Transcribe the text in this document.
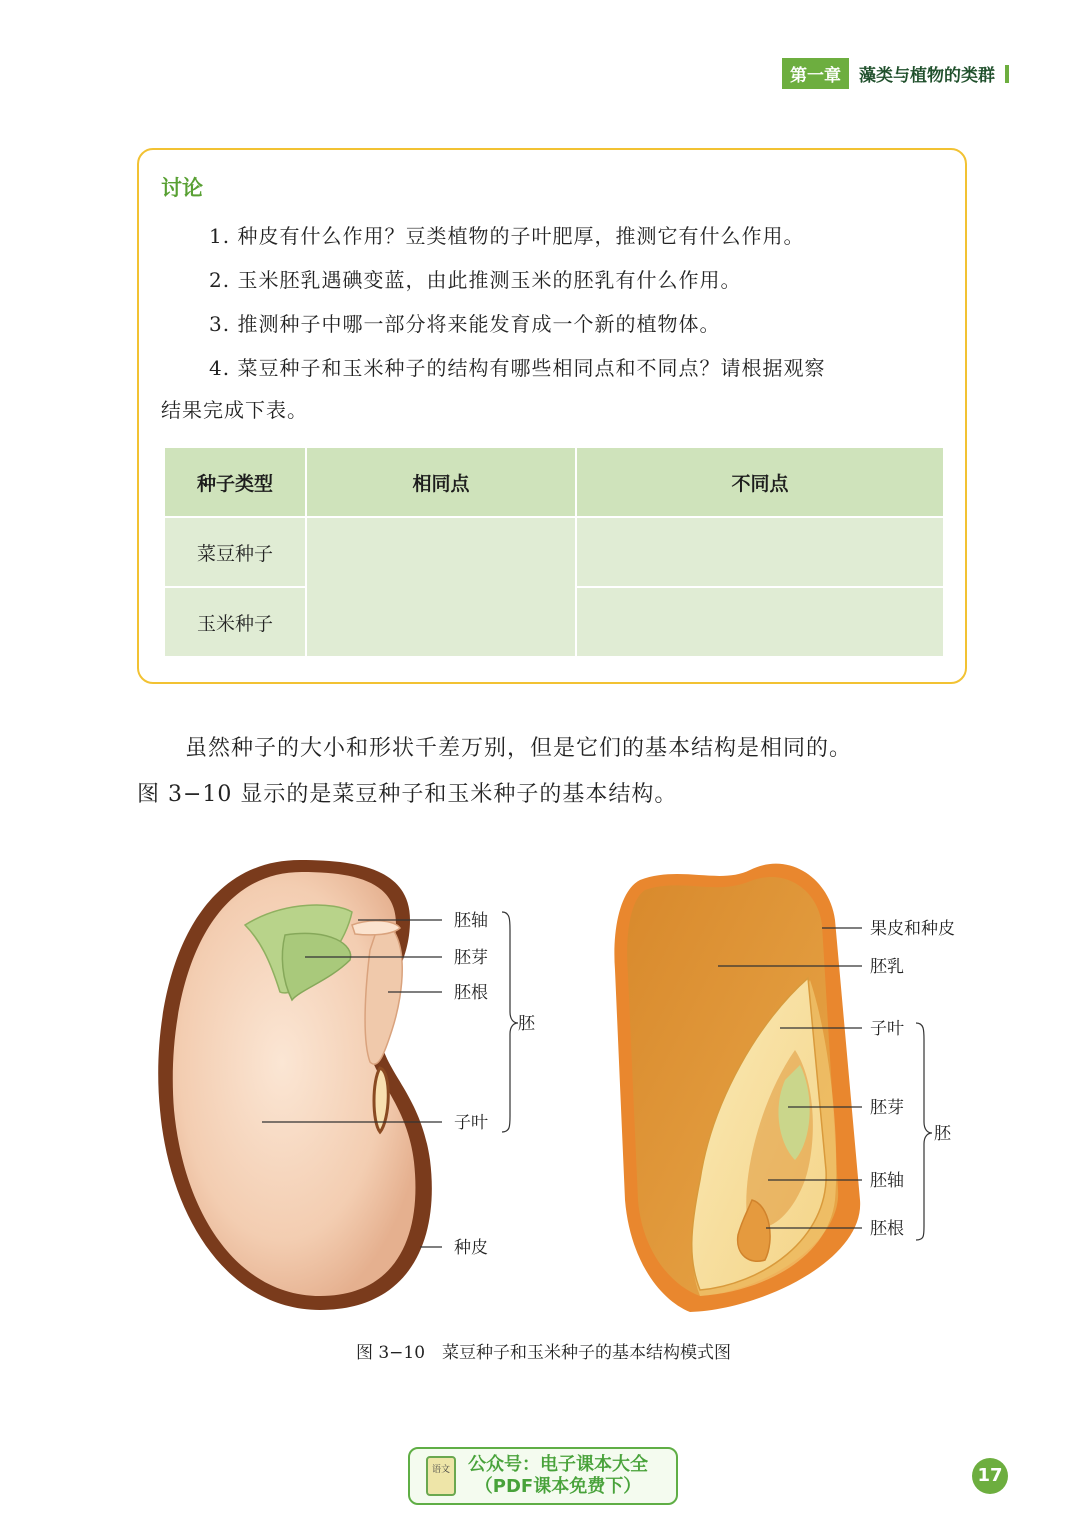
第一章	藻类与植物的类群
讨论
1. 种皮有什么作用？豆类植物的子叶肥厚，推测它有什么作用。
2. 玉米胚乳遇碘变蓝，由此推测玉米的胚乳有什么作用。
3. 推测种子中哪一部分将来能发育成一个新的植物体。
4. 菜豆种子和玉米种子的结构有哪些相同点和不同点？请根据观察
结果完成下表。
种子类型	相同点	不同点
菜豆种子		
玉米种子		
虽然种子的大小和形状千差万别，但是它们的基本结构是相同的。
图 3−10 显示的是菜豆种子和玉米种子的基本结构。
胚轴
胚芽
胚根
子叶
种皮
胚
果皮和种皮
胚乳
子叶
胚芽
胚轴
胚根
胚
图 3−10　菜豆种子和玉米种子的基本结构模式图
语文	公众号：电子课本大全
（PDF课本免费下）
17
